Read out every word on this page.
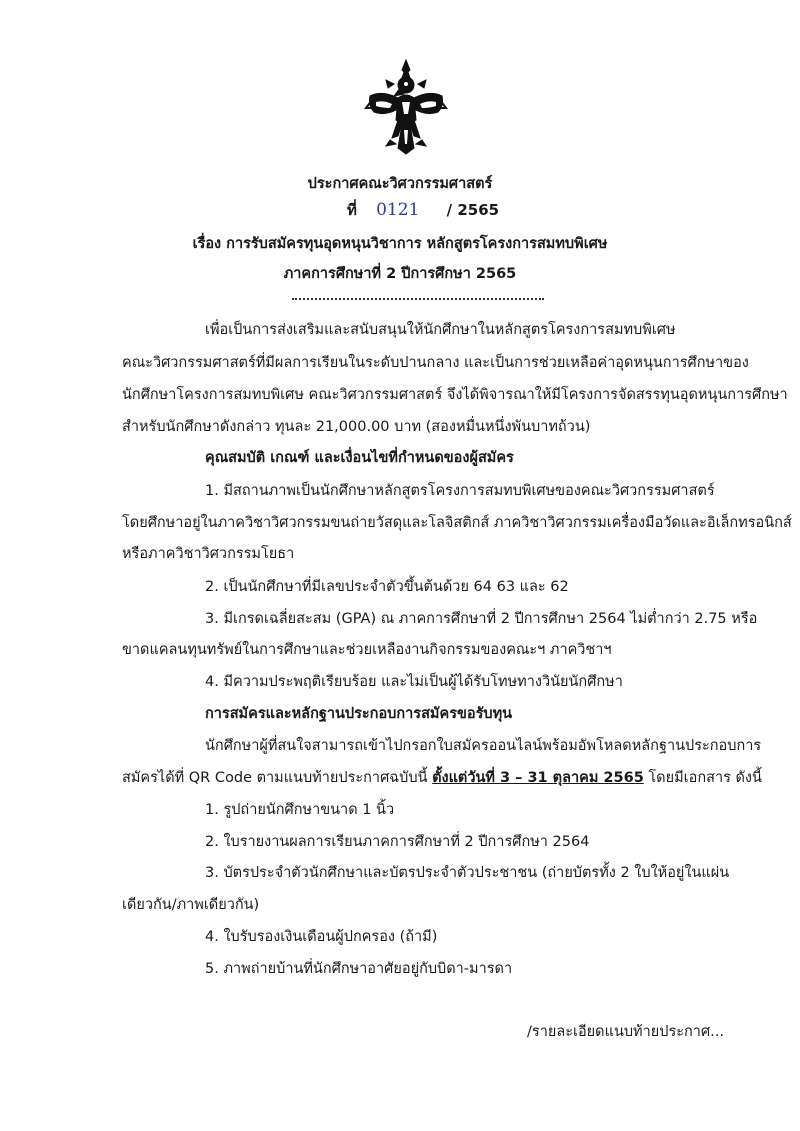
ประกาศคณะวิศวกรรมศาสตร์
ที่ 0121 / 2565
เรื่อง การรับสมัครทุนอุดหนุนวิชาการ หลักสูตรโครงการสมทบพิเศษ
ภาคการศึกษาที่ 2 ปีการศึกษา 2565
เพื่อเป็นการส่งเสริมและสนับสนุนให้นักศึกษาในหลักสูตรโครงการสมทบพิเศษ
คณะวิศวกรรมศาสตร์ที่มีผลการเรียนในระดับปานกลาง และเป็นการช่วยเหลือค่าอุดหนุนการศึกษาของ
นักศึกษาโครงการสมทบพิเศษ คณะวิศวกรรมศาสตร์ จึงได้พิจารณาให้มีโครงการจัดสรรทุนอุดหนุนการศึกษา
สำหรับนักศึกษาดังกล่าว ทุนละ 21,000.00 บาท (สองหมื่นหนึ่งพันบาทถ้วน)
คุณสมบัติ เกณฑ์ และเงื่อนไขที่กำหนดของผู้สมัคร
1. มีสถานภาพเป็นนักศึกษาหลักสูตรโครงการสมทบพิเศษของคณะวิศวกรรมศาสตร์
โดยศึกษาอยู่ในภาควิชาวิศวกรรมขนถ่ายวัสดุและโลจิสติกส์ ภาควิชาวิศวกรรมเครื่องมือวัดและอิเล็กทรอนิกส์
หรือภาควิชาวิศวกรรมโยธา
2. เป็นนักศึกษาที่มีเลขประจำตัวขึ้นต้นด้วย 64 63 และ 62
3. มีเกรดเฉลี่ยสะสม (GPA) ณ ภาคการศึกษาที่ 2 ปีการศึกษา 2564 ไม่ต่ำกว่า 2.75 หรือ
ขาดแคลนทุนทรัพย์ในการศึกษาและช่วยเหลืองานกิจกรรมของคณะฯ ภาควิชาฯ
4. มีความประพฤติเรียบร้อย และไม่เป็นผู้ได้รับโทษทางวินัยนักศึกษา
การสมัครและหลักฐานประกอบการสมัครขอรับทุน
นักศึกษาผู้ที่สนใจสามารถเข้าไปกรอกใบสมัครออนไลน์พร้อมอัพโหลดหลักฐานประกอบการ
สมัครได้ที่ QR Code ตามแนบท้ายประกาศฉบับนี้ ตั้งแต่วันที่ 3 – 31 ตุลาคม 2565 โดยมีเอกสาร ดังนี้
1. รูปถ่ายนักศึกษาขนาด 1 นิ้ว
2. ใบรายงานผลการเรียนภาคการศึกษาที่ 2 ปีการศึกษา 2564
3. บัตรประจำตัวนักศึกษาและบัตรประจำตัวประชาชน (ถ่ายบัตรทั้ง 2 ใบให้อยู่ในแผ่น
เดียวกัน/ภาพเดียวกัน)
4. ใบรับรองเงินเดือนผู้ปกครอง (ถ้ามี)
5. ภาพถ่ายบ้านที่นักศึกษาอาศัยอยู่กับบิดา-มารดา
/รายละเอียดแนบท้ายประกาศ...
